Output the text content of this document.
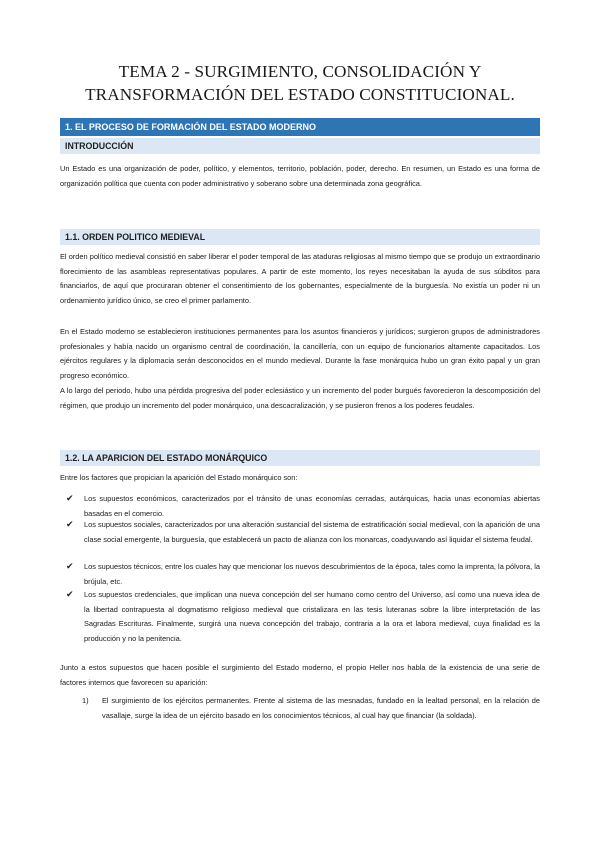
TEMA 2 - SURGIMIENTO, CONSOLIDACIÓN Y TRANSFORMACIÓN DEL ESTADO CONSTITUCIONAL.
1. EL PROCESO DE FORMACIÓN DEL ESTADO MODERNO
INTRODUCCIÓN
Un Estado es una organización de poder, político, y elementos, territorio, población, poder, derecho. En resumen, un Estado es una forma de organización política que cuenta con poder administrativo y soberano sobre una determinada zona geográfica.
1.1. ORDEN POLITICO MEDIEVAL
El orden político medieval consistió en saber liberar el poder temporal de las ataduras religiosas al mismo tiempo que se produjo un extraordinario florecimiento de las asambleas representativas populares. A partir de este momento, los reyes necesitaban la ayuda de sus súbditos para financiarlos, de aquí que procuraran obtener el consentimiento de los gobernantes, especialmente de la burguesía. No existía un poder ni un ordenamiento jurídico único, se creo el primer parlamento.
En el Estado moderno se establecieron instituciones permanentes para los asuntos financieros y jurídicos; surgieron grupos de administradores profesionales y había nacido un organismo central de coordinación, la cancillería, con un equipo de funcionarios altamente capacitados. Los ejércitos regulares y la diplomacia serán desconocidos en el mundo medieval. Durante la fase monárquica hubo un gran éxito papal y un gran progreso económico.
A lo largo del periodo, hubo una pérdida progresiva del poder eclesiástico y un incremento del poder burgués favorecieron la descomposición del régimen, que produjo un incremento del poder monárquico, una descacralización, y se pusieron frenos a los poderes feudales.
1.2. LA APARICION DEL ESTADO MONÁRQUICO
Entre los factores que propician la aparición del Estado monárquico son:
✔	Los supuestos económicos, caracterizados por el tránsito de unas economías cerradas, autárquicas, hacia unas economías abiertas basadas en el comercio.
✔	Los supuestos sociales, caracterizados por una alteración sustancial del sistema de estratificación social medieval, con la aparición de una clase social emergente, la burguesía, que establecerá un pacto de alianza con los monarcas, coadyuvando así liquidar el sistema feudal.
✔	Los supuestos técnicos, entre los cuales hay que mencionar los nuevos descubrimientos de la época, tales como la imprenta, la pólvora, la brújula, etc.
✔	Los supuestos credenciales, que implican una nueva concepción del ser humano como centro del Universo, así como una nueva idea de la libertad contrapuesta al dogmatismo religioso medieval que cristalizara en las tesis luteranas sobre la libre interpretación de las Sagradas Escrituras. Finalmente, surgirá una nueva concepción del trabajo, contraria a la ora et labora medieval, cuya finalidad es la producción y no la penitencia.
Junto a estos supuestos que hacen posible el surgimiento del Estado moderno, el propio Heller nos habla de la existencia de una serie de factores internos que favorecen su aparición:
1)	El surgimiento de los ejércitos permanentes. Frente al sistema de las mesnadas, fundado en la lealtad personal, en la relación de vasallaje, surge la idea de un ejército basado en los conocimientos técnicos, al cual hay que financiar (la soldada).
